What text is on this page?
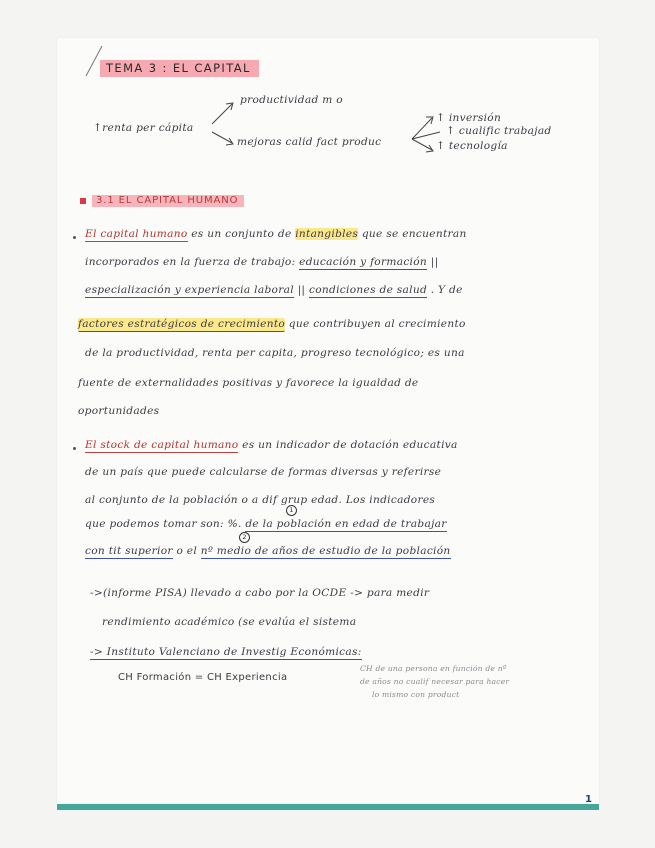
TEMA 3 : EL CAPITAL
↑renta per cápita
productividad m o
mejoras calid fact produc
↑ inversión
↑ cualific trabajad
↑ tecnología
3.1 EL CAPITAL HUMANO
El capital humano es un conjunto de intangibles que se encuentran
incorporados en la fuerza de trabajo: educación y formación ||
especialización y experiencia laboral || condiciones de salud . Y de
factores estratégicos de crecimiento que contribuyen al crecimiento
de la productividad, renta per capita, progreso tecnológico; es una
fuente de externalidades positivas y favorece la igualdad de
oportunidades
El stock de capital humano es un indicador de dotación educativa
de un país que puede calcularse de formas diversas y referirse
al conjunto de la población o a dif grup edad. Los indicadores
1
que podemos tomar son: %. de la población en edad de trabajar
2
con tit superior o el nº medio de años de estudio de la población
->(informe PISA) llevado a cabo por la OCDE -> para medir
rendimiento académico (se evalúa el sistema
-> Instituto Valenciano de Investig Económicas:
CH Formación = CH Experiencia
CH de una persona en función de nº
de años no cualif necesar para hacer
lo mismo con product
1
